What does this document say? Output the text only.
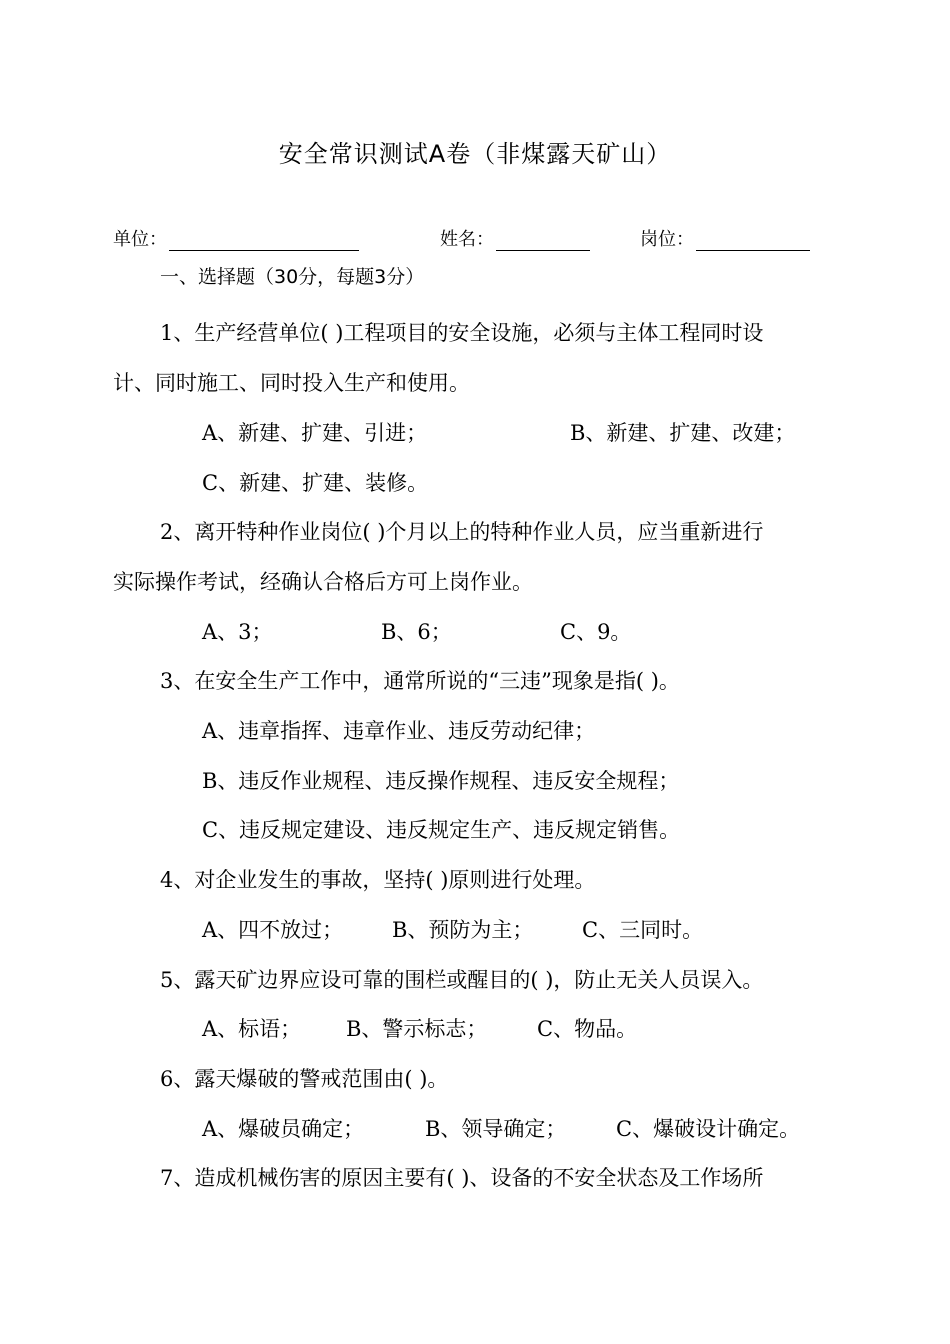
安全常识测试A卷（非煤露天矿山）
单位：	姓名：	岗位：
一、选择题（30分，每题3分）
1、生产经营单位( )工程项目的安全设施，必须与主体工程同时设
计、同时施工、同时投入生产和使用。
A、新建、扩建、引进；	B、新建、扩建、改建；
C、新建、扩建、装修。
2、离开特种作业岗位( )个月以上的特种作业人员，应当重新进行
实际操作考试，经确认合格后方可上岗作业。
A、3；	B、6；	C、9。
3、在安全生产工作中，通常所说的“三违”现象是指( )。
A、违章指挥、违章作业、违反劳动纪律；
B、违反作业规程、违反操作规程、违反安全规程；
C、违反规定建设、违反规定生产、违反规定销售。
4、对企业发生的事故，坚持( )原则进行处理。
A、四不放过； B、预防为主； C、三同时。
5、露天矿边界应设可靠的围栏或醒目的( )，防止无关人员误入。
A、标语； B、警示标志； C、物品。
6、露天爆破的警戒范围由( )。
A、爆破员确定；	B、领导确定； C、爆破设计确定。
7、造成机械伤害的原因主要有( )、设备的不安全状态及工作场所
